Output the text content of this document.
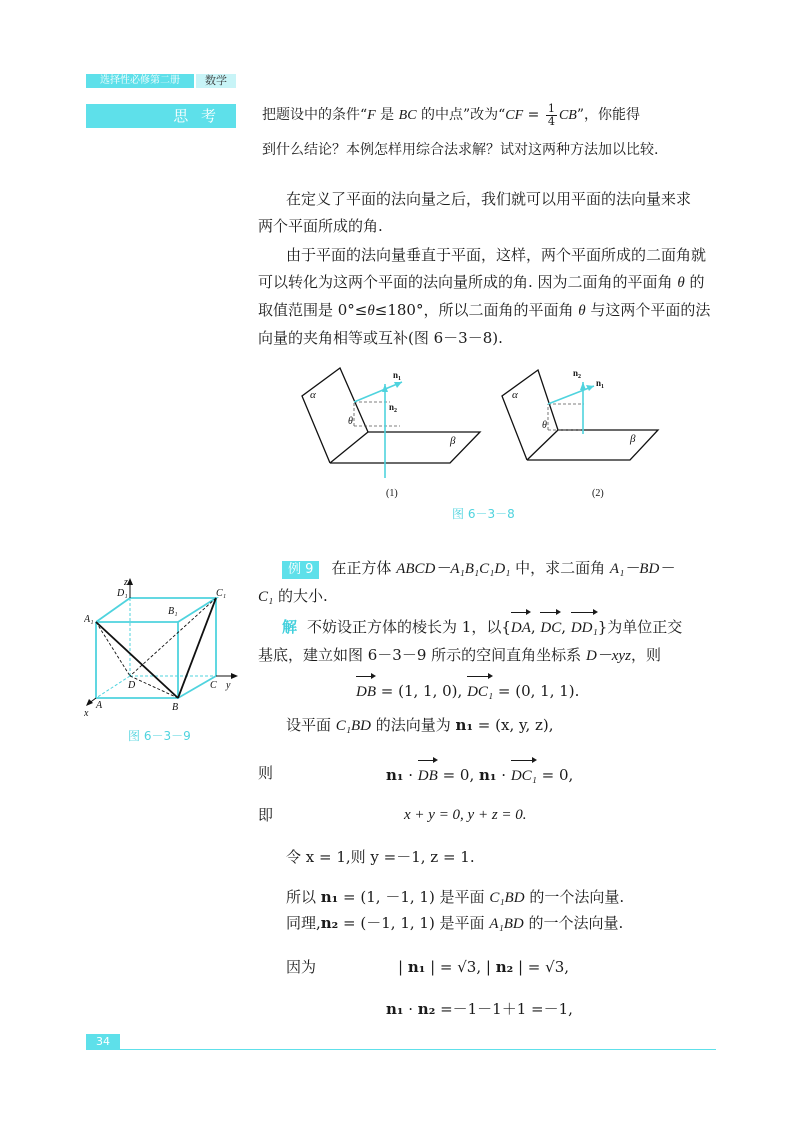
选择性必修第二册	数学
思 考	把题设中的条件“F 是 BC 的中点”改为“CF = $\frac{1}{4}$ CB”，你能得
到什么结论？本例怎样用综合法求解？试对这两种方法加以比较.
在定义了平面的法向量之后，我们就可以用平面的法向量来求
两个平面所成的角.
由于平面的法向量垂直于平面，这样，两个平面所成的二面角就
可以转化为这两个平面的法向量所成的角. 因为二面角的平面角 θ 的
取值范围是 0°≤θ≤180°，所以二面角的平面角 θ 与这两个平面的法
向量的夹角相等或互补(图 6－3－8).
α
β
θ
$n_1$
$n_2$
(1)
α
β
θ
$n_1$
$n_2$
(2)
图 6－3－8
例 9 在正方体 ABCD－A₁B₁C₁D₁ 中，求二面角 A₁－BD－
C₁ 的大小.
解 不妨设正方体的棱长为 1，以{DA, DC, DD₁}为单位正交
基底，建立如图 6－3－9 所示的空间直角坐标系 D－xyz，则
DB = (1, 1, 0), DC₁ = (0, 1, 1).
设平面 C₁BD 的法向量为 n₁ = (x, y, z),
则	n₁ · DB = 0, n₁ · DC₁ = 0,
即	x + y = 0, y + z = 0.
令 x = 1,则 y =－1, z = 1.
所以 n₁ = (1, －1, 1) 是平面 C₁BD 的一个法向量.
同理,n₂ = (－1, 1, 1) 是平面 A₁BD 的一个法向量.
因为	| n₁ | = √3, | n₂ | = √3,
n₁ · n₂ =－1－1＋1 =－1,
z
D₁	C₁
A₁
B₁
D	C y
A	B
x
图 6－3－9
34
